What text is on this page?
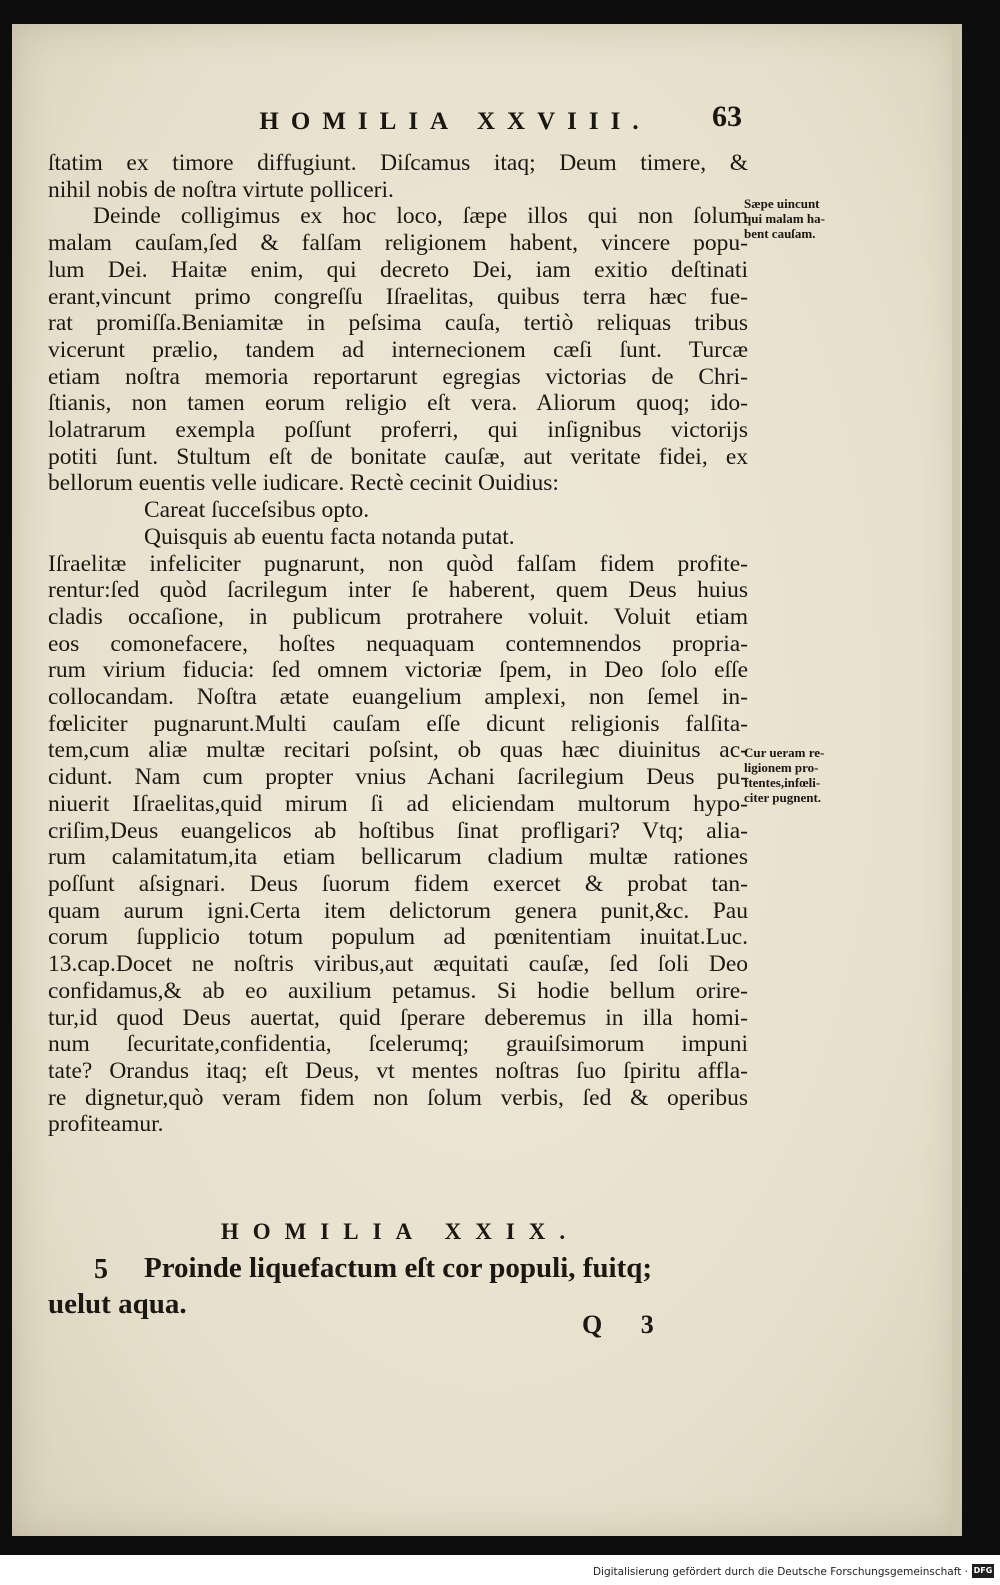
HOMILIA XXVIII.	63
ſtatim ex timore diffugiunt. Diſcamus itaq; Deum timere, &
nihil nobis de noſtra virtute polliceri.
Deinde colligimus ex hoc loco, ſæpe illos qui non ſolum
malam cauſam,ſed & falſam religionem habent, vincere popu-
lum Dei. Haitæ enim, qui decreto Dei, iam exitio deſtinati
erant,vincunt primo congreſſu Iſraelitas, quibus terra hæc fue-
rat promiſſa.Beniamitæ in peſsima cauſa, tertiò reliquas tribus
vicerunt prælio, tandem ad internecionem cæſi ſunt. Turcæ
etiam noſtra memoria reportarunt egregias victorias de Chri-
ſtianis, non tamen eorum religio eſt vera. Aliorum quoq; ido-
lolatrarum exempla poſſunt proferri, qui inſignibus victorijs
potiti ſunt. Stultum eſt de bonitate cauſæ, aut veritate fidei, ex
bellorum euentis velle iudicare. Rectè cecinit Ouidius:
Careat ſucceſsibus opto.
Quisquis ab euentu facta notanda putat.
Iſraelitæ infeliciter pugnarunt, non quòd falſam fidem profite-
rentur:ſed quòd ſacrilegum inter ſe haberent, quem Deus huius
cladis occaſione, in publicum protrahere voluit. Voluit etiam
eos comonefacere, hoſtes nequaquam contemnendos propria-
rum virium fiducia: ſed omnem victoriæ ſpem, in Deo ſolo eſſe
collocandam. Noſtra ætate euangelium amplexi, non ſemel in-
fœliciter pugnarunt.Multi cauſam eſſe dicunt religionis falſita-
tem,cum aliæ multæ recitari poſsint, ob quas hæc diuinitus ac-
cidunt. Nam cum propter vnius Achani ſacrilegium Deus pu-
niuerit Iſraelitas,quid mirum ſi ad eliciendam multorum hypo-
criſim,Deus euangelicos ab hoſtibus ſinat profligari? Vtq; alia-
rum calamitatum,ita etiam bellicarum cladium multæ rationes
poſſunt aſsignari. Deus ſuorum fidem exercet & probat tan-
quam aurum igni.Certa item delictorum genera punit,&c. Pau
corum ſupplicio totum populum ad pœnitentiam inuitat.Luc.
13.cap.Docet ne noſtris viribus,aut æquitati cauſæ, ſed ſoli Deo
confidamus,& ab eo auxilium petamus. Si hodie bellum orire-
tur,id quod Deus auertat, quid ſperare deberemus in illa homi-
num ſecuritate,confidentia, ſcelerumq; grauiſsimorum impuni
tate? Orandus itaq; eſt Deus, vt mentes noſtras ſuo ſpiritu affla-
re dignetur,quò veram fidem non ſolum verbis, ſed & operibus
profiteamur.
Sæpe uincunt
qui malam ha-
bent cauſam.
Cur ueram re-
ligionem pro-
ftentes,infœli-
citer pugnent.
HOMILIA XXIX.
5	Proinde liquefactum eſt cor populi, fuitq;
uelut aqua.
Q 3
Digitalisierung gefördert durch die Deutsche Forschungsgemeinschaft · DFG
